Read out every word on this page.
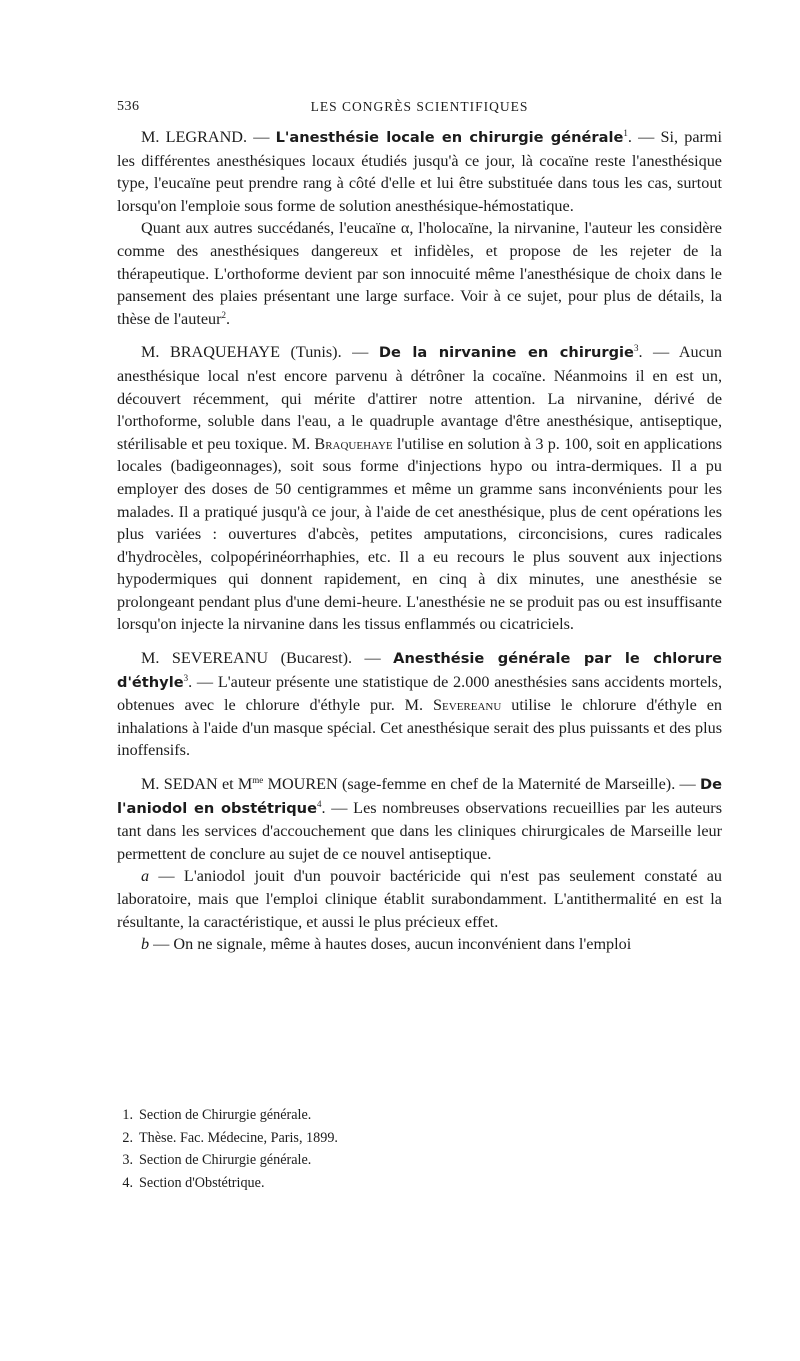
536	LES CONGRÈS SCIENTIFIQUES

M. LEGRAND. — L'anesthésie locale en chirurgie générale$^1$. — Si, parmi les différentes anesthésiques locaux étudiés jusqu'à ce jour, là cocaïne reste l'anesthésique type, l'eucaïne peut prendre rang à côté d'elle et lui être substituée dans tous les cas, surtout lorsqu'on l'emploie sous forme de solution anesthésique-hémostatique.

Quant aux autres succédanés, l'eucaïne α, l'holocaïne, la nirvanine, l'auteur les considère comme des anesthésiques dangereux et infidèles, et propose de les rejeter de la thérapeutique. L'orthoforme devient par son innocuité même l'anesthésique de choix dans le pansement des plaies présentant une large surface. Voir à ce sujet, pour plus de détails, la thèse de l'auteur$^2$.

M. BRAQUEHAYE (Tunis). — De la nirvanine en chirurgie$^3$. — Aucun anesthésique local n'est encore parvenu à détrôner la cocaïne. Néanmoins il en est un, découvert récemment, qui mérite d'attirer notre attention. La nirvanine, dérivé de l'orthoforme, soluble dans l'eau, a le quadruple avantage d'être anesthésique, antiseptique, stérilisable et peu toxique. M. Braquehaye l'utilise en solution à 3 p. 100, soit en applications locales (badigeonnages), soit sous forme d'injections hypo ou intra-dermiques. Il a pu employer des doses de 50 centigrammes et même un gramme sans inconvénients pour les malades. Il a pratiqué jusqu'à ce jour, à l'aide de cet anesthésique, plus de cent opérations les plus variées : ouvertures d'abcès, petites amputations, circoncisions, cures radicales d'hydrocèles, colpopérinéorrhaphies, etc. Il a eu recours le plus souvent aux injections hypodermiques qui donnent rapidement, en cinq à dix minutes, une anesthésie se prolongeant pendant plus d'une demi-heure. L'anesthésie ne se produit pas ou est insuffisante lorsqu'on injecte la nirvanine dans les tissus enflammés ou cicatriciels.

M. SEVEREANU (Bucarest). — Anesthésie générale par le chlorure d'éthyle$^3$. — L'auteur présente une statistique de 2.000 anesthésies sans accidents mortels, obtenues avec le chlorure d'éthyle pur. M. Severeanu utilise le chlorure d'éthyle en inhalations à l'aide d'un masque spécial. Cet anesthésique serait des plus puissants et des plus inoffensifs.

M. SEDAN et $M^{me}$ MOUREN (sage-femme en chef de la Maternité de Marseille). — De l'aniodol en obstétrique$^4$. — Les nombreuses observations recueillies par les auteurs tant dans les services d'accouchement que dans les cliniques chirurgicales de Marseille leur permettent de conclure au sujet de ce nouvel antiseptique.

a — L'aniodol jouit d'un pouvoir bactéricide qui n'est pas seulement constaté au laboratoire, mais que l'emploi clinique établit surabondamment. L'antithermalité en est la résultante, la caractéristique, et aussi le plus précieux effet.

b — On ne signale, même à hautes doses, aucun inconvénient dans l'emploi

1. Section de Chirurgie générale.
2. Thèse. Fac. Médecine, Paris, 1899.
3. Section de Chirurgie générale.
4. Section d'Obstétrique.
